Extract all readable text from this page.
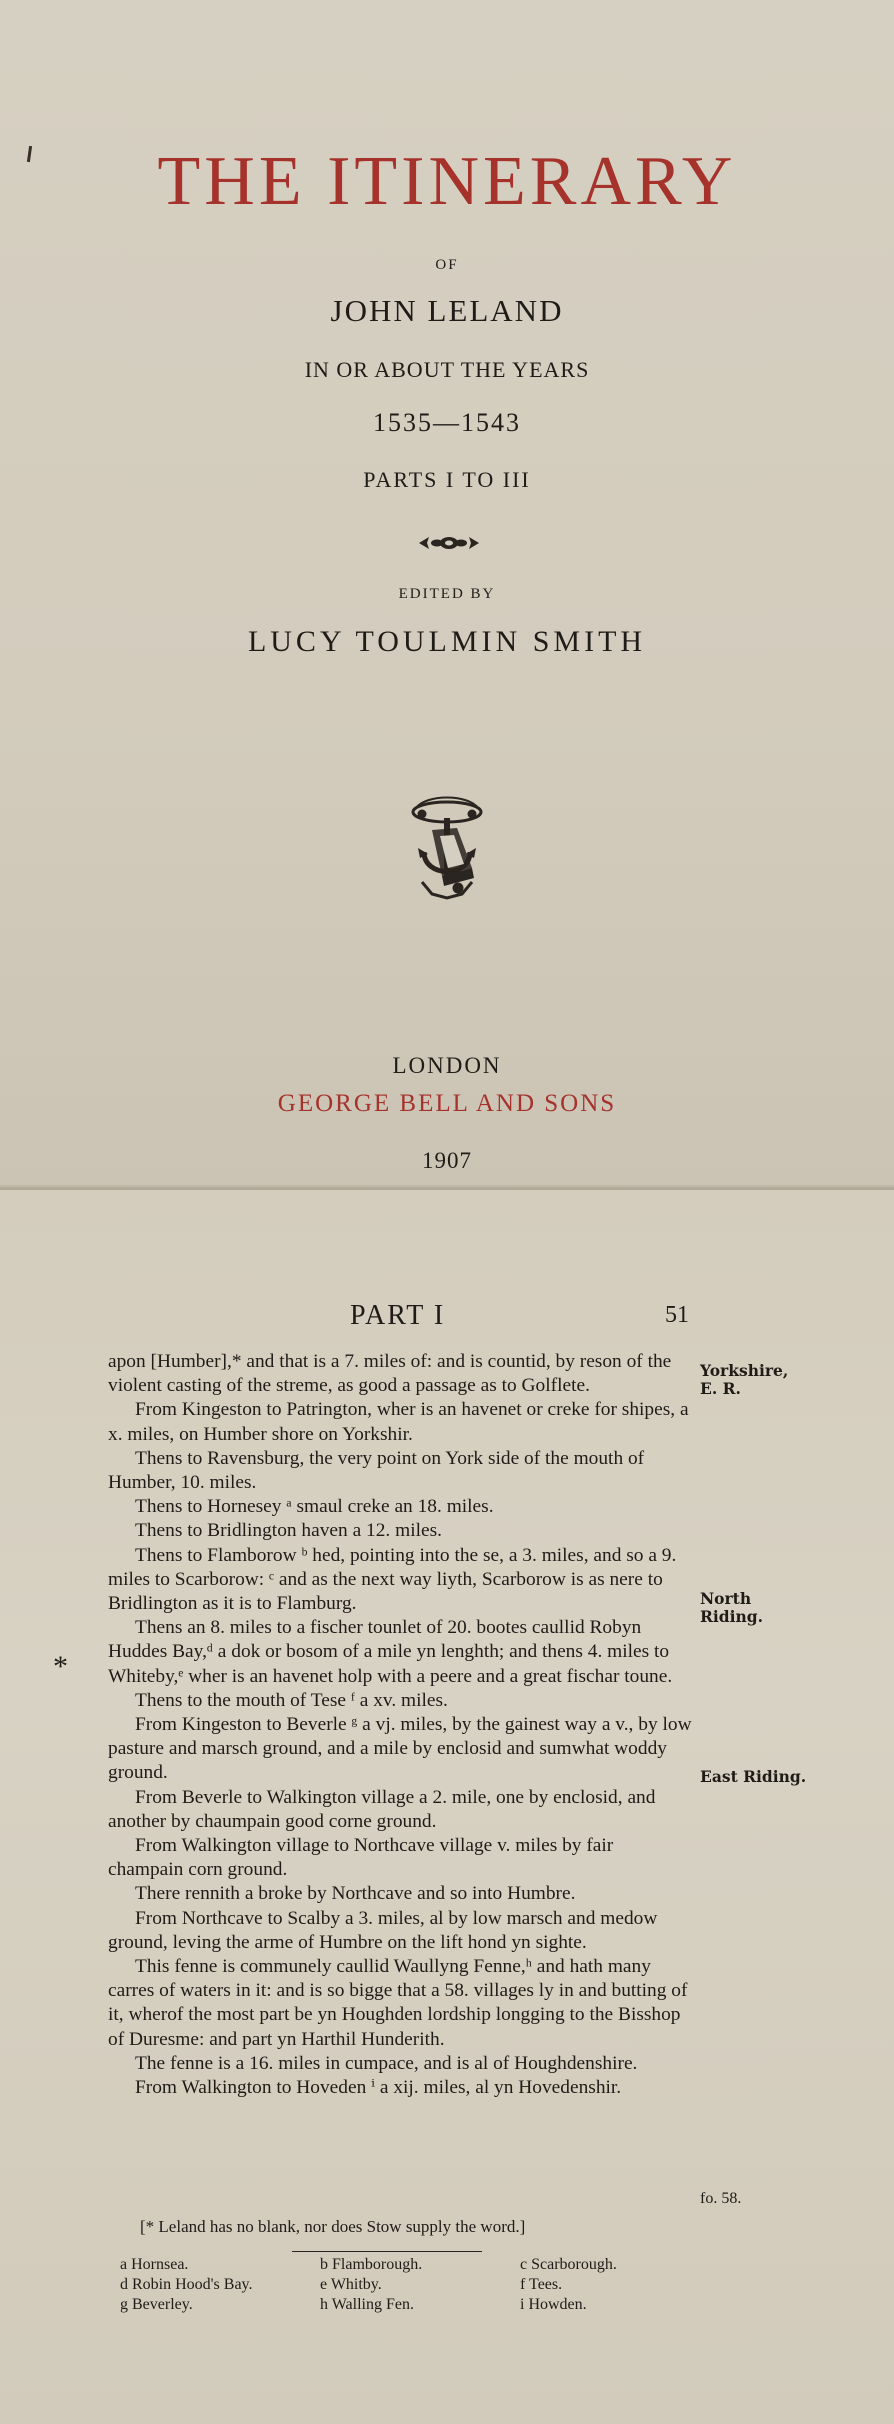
THE ITINERARY
OF
JOHN LELAND
IN OR ABOUT THE YEARS
1535—1543
PARTS I TO III
EDITED BY
LUCY TOULMIN SMITH
LONDON
GEORGE BELL AND SONS
1907
PART I	51

apon [Humber],* and that is a 7. miles of: and is countid, by reson of the violent casting of the streme, as good a passage as to Golflete.

From Kingeston to Patrington, wher is an havenet or creke for shipes, a x. miles, on Humber shore on Yorkshir.

Thens to Ravensburg, the very point on York side of the mouth of Humber, 10. miles.

Thens to Hornesey ᵃ smaul creke an 18. miles.

Thens to Bridlington haven a 12. miles.

Thens to Flamborow ᵇ hed, pointing into the se, a 3. miles, and so a 9. miles to Scarborow: ᶜ and as the next way liyth, Scarborow is as nere to Bridlington as it is to Flamburg.

Thens an 8. miles to a fischer tounlet of 20. bootes caullid Robyn Huddes Bay,ᵈ a dok or bosom of a mile yn lenghth; and thens 4. miles to Whiteby,ᵉ wher is an havenet holp with a peere and a great fischar toune.

Thens to the mouth of Tese ᶠ a xv. miles.

From Kingeston to Beverle ᵍ a vj. miles, by the gainest way a v., by low pasture and marsch ground, and a mile by enclosid and sumwhat woddy ground.

From Beverle to Walkington village a 2. mile, one by enclosid, and another by chaumpain good corne ground.

From Walkington village to Northcave village v. miles by fair champain corn ground.

There rennith a broke by Northcave and so into Humbre.

From Northcave to Scalby a 3. miles, al by low marsch and medow ground, leving the arme of Humbre on the lift hond yn sighte.

This fenne is communely caullid Waullyng Fenne,ʰ and hath many carres of waters in it: and is so bigge that a 58. villages ly in and butting of it, wherof the most part be yn Houghden lordship longging to the Bisshop of Duresme: and part yn Harthil Hunderith.

The fenne is a 16. miles in cumpace, and is al of Houghdenshire.

From Walkington to Hoveden ⁱ a xij. miles, al yn Hovedenshir.

Yorkshire,
E. R.
North
Riding.
East Riding.
fo. 58.
*
[* Leland has no blank, nor does Stow supply the word.]
a Hornsea.	b Flamborough.	c Scarborough.
d Robin Hood's Bay.	e Whitby.	f Tees.
g Beverley.	h Walling Fen.	i Howden.
